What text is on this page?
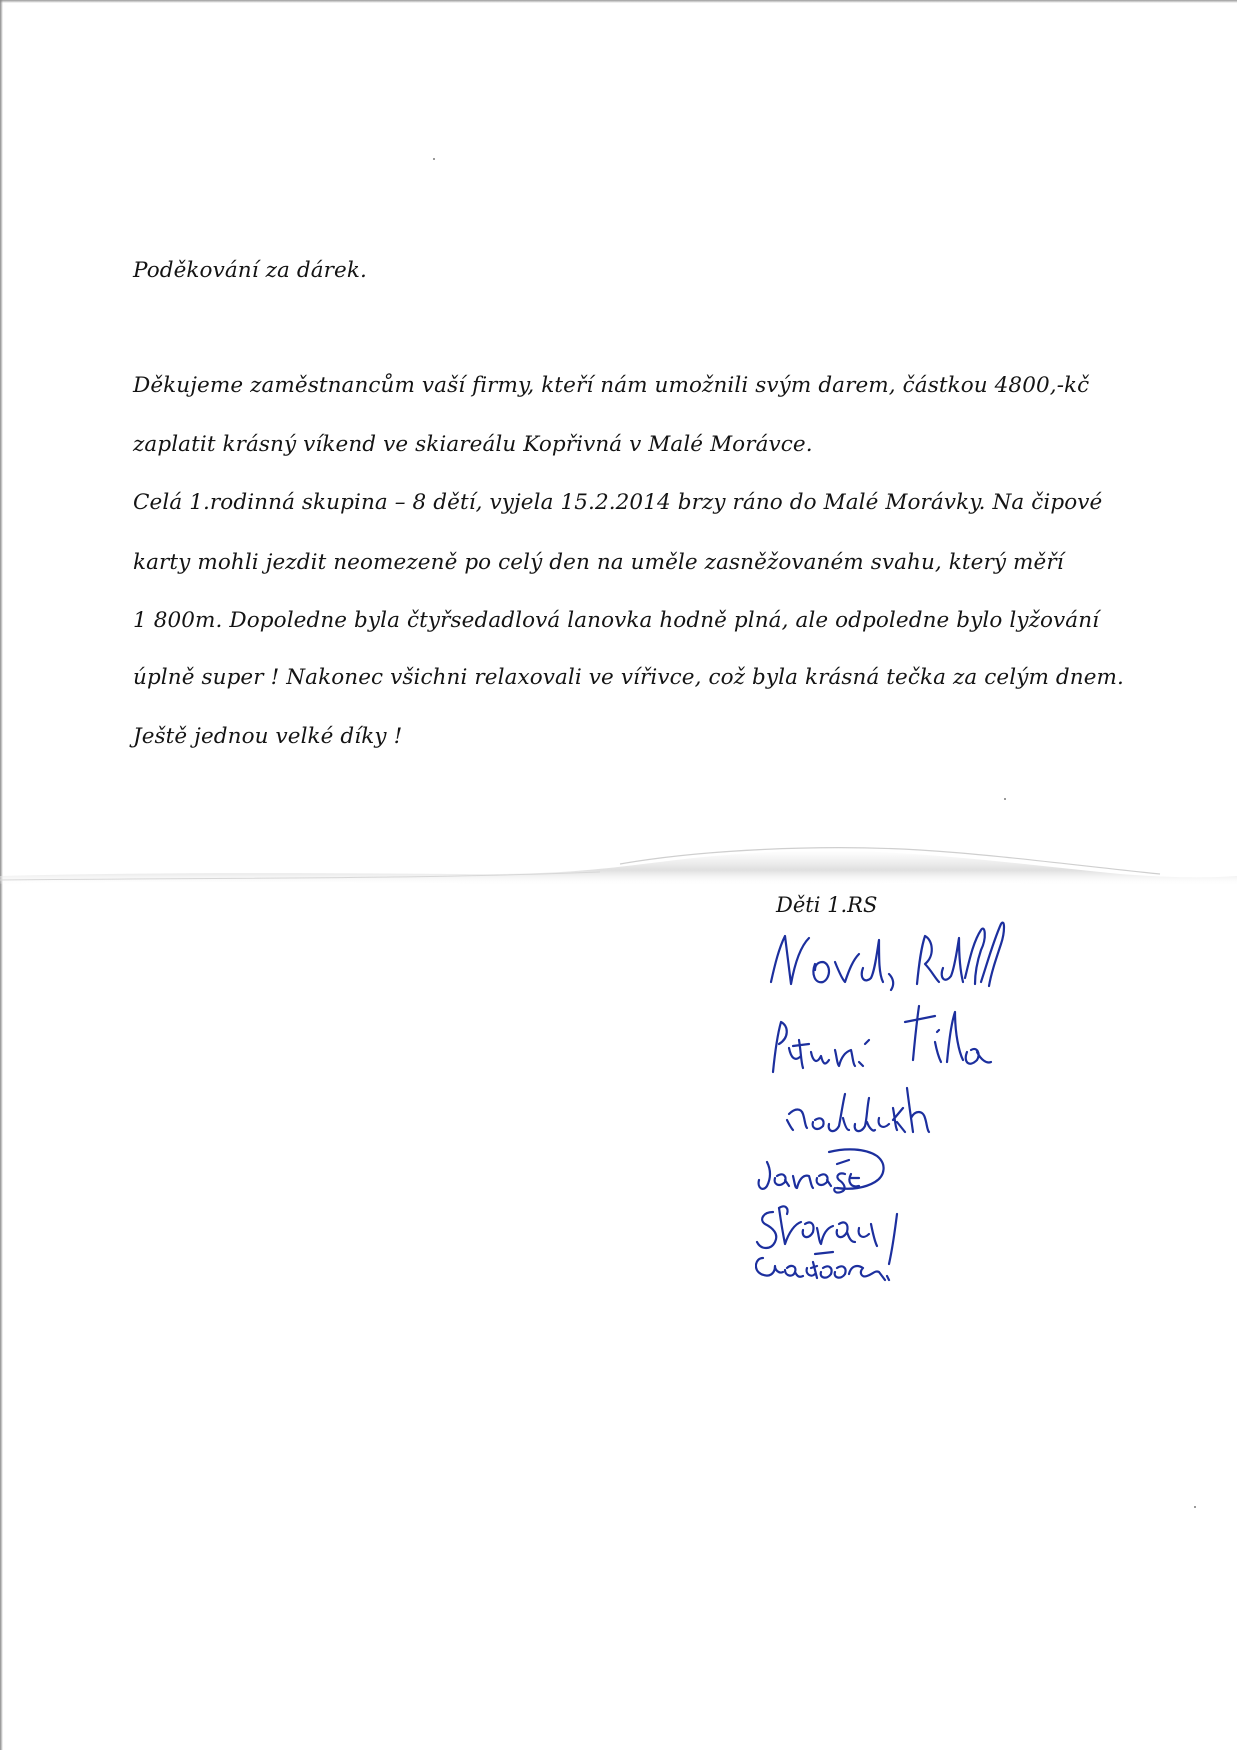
Poděkování za dárek.

Děkujeme zaměstnancům vaší firmy, kteří nám umožnili svým darem, částkou 4800,-kč

zaplatit krásný víkend ve skiareálu Kopřivná v Malé Morávce.

Celá 1.rodinná skupina – 8 dětí, vyjela 15.2.2014 brzy ráno do Malé Morávky. Na čipové

karty mohli jezdit neomezeně po celý den na uměle zasněžovaném svahu, který měří

1 800m. Dopoledne byla čtyřsedadlová lanovka hodně plná, ale odpoledne bylo lyžování

úplně super ! Nakonec všichni relaxovali ve vířivce, což byla krásná tečka za celým dnem.

Ještě jednou velké díky !

Děti 1.RS
